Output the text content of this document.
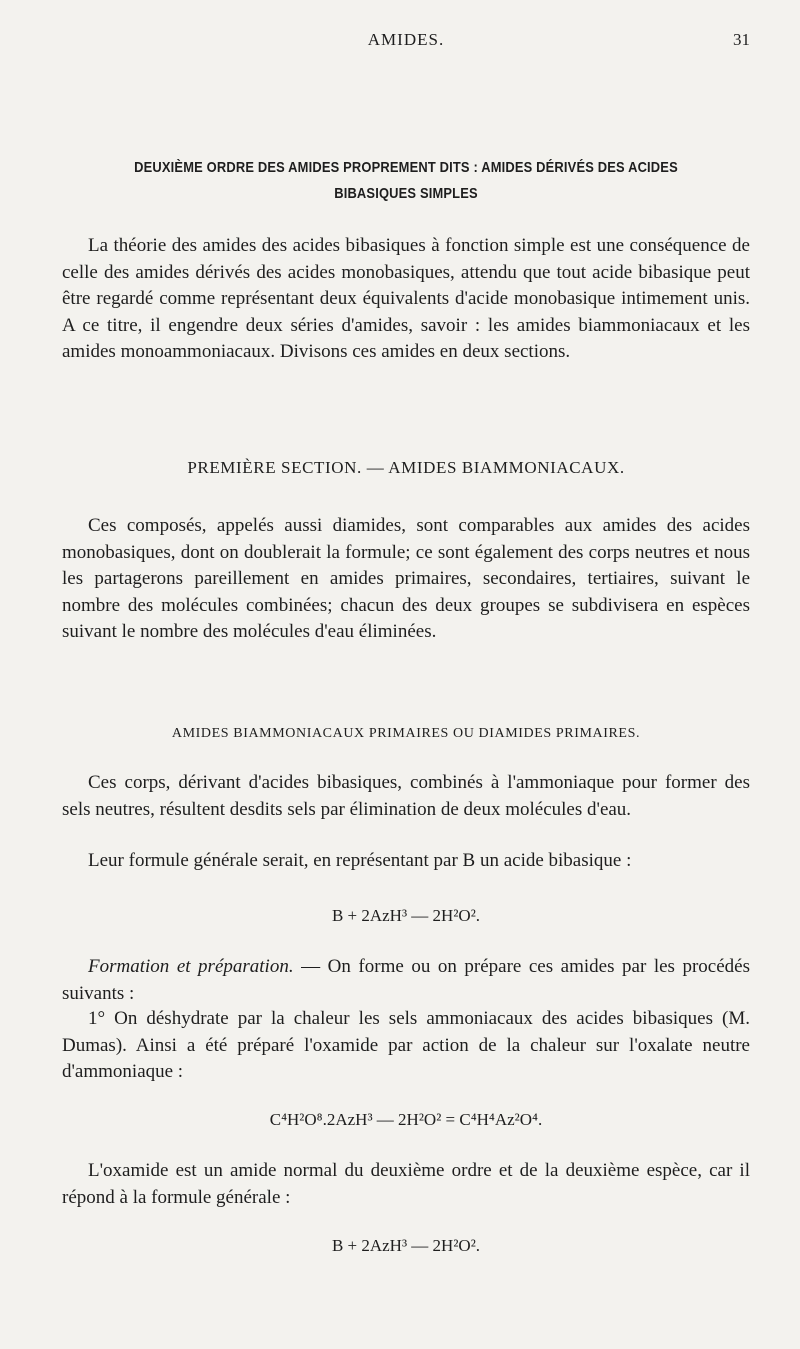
AMIDES.	31
DEUXIÈME ORDRE DES AMIDES PROPREMENT DITS : AMIDES DÉRIVÉS DES ACIDES
BIBASIQUES SIMPLES

La théorie des amides des acides bibasiques à fonction simple est une conséquence de celle des amides dérivés des acides monobasiques, attendu que tout acide bibasique peut être regardé comme représentant deux équivalents d'acide monobasique intimement unis. A ce titre, il engendre deux séries d'amides, savoir : les amides biammoniacaux et les amides monoammoniacaux. Divisons ces amides en deux sections.

PREMIÈRE SECTION. — AMIDES BIAMMONIACAUX.

Ces composés, appelés aussi diamides, sont comparables aux amides des acides monobasiques, dont on doublerait la formule; ce sont également des corps neutres et nous les partagerons pareillement en amides primaires, secondaires, tertiaires, suivant le nombre des molécules combinées; chacun des deux groupes se subdivisera en espèces suivant le nombre des molécules d'eau éliminées.

AMIDES BIAMMONIACAUX PRIMAIRES OU DIAMIDES PRIMAIRES.

Ces corps, dérivant d'acides bibasiques, combinés à l'ammoniaque pour former des sels neutres, résultent desdits sels par élimination de deux molécules d'eau.

Leur formule générale serait, en représentant par B un acide bibasique :

B + 2AzH³ — 2H²O².

Formation et préparation. — On forme ou on prépare ces amides par les procédés suivants :

1° On déshydrate par la chaleur les sels ammoniacaux des acides bibasiques (M. Dumas). Ainsi a été préparé l'oxamide par action de la chaleur sur l'oxalate neutre d'ammoniaque :

C⁴H²O⁸.2AzH³ — 2H²O² = C⁴H⁴Az²O⁴.

L'oxamide est un amide normal du deuxième ordre et de la deuxième espèce, car il répond à la formule générale :

B + 2AzH³ — 2H²O².
